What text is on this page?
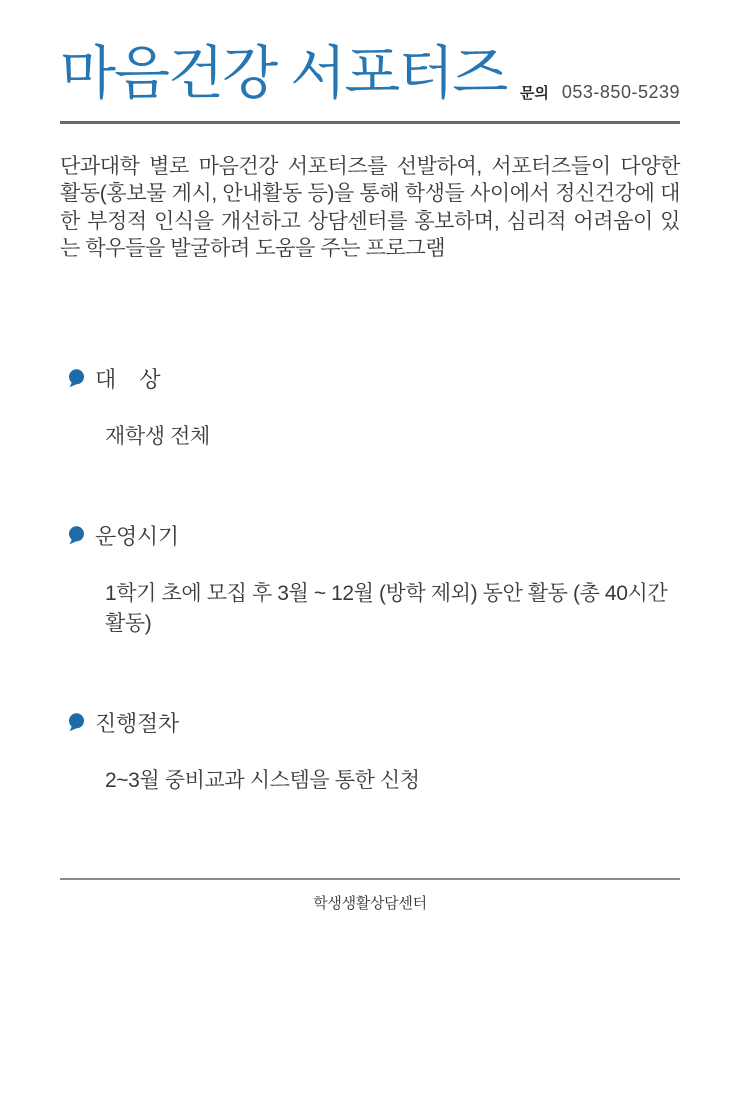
마음건강 서포터즈 문의 053-850-5239

단과대학 별로 마음건강 서포터즈를 선발하여, 서포터즈들이 다양한 활동(홍보물 게시, 안내활동 등)을 통해 학생들 사이에서 정신건강에 대한 부정적 인식을 개선하고 상담센터를 홍보하며, 심리적 어려움이 있는 학우들을 발굴하려 도움을 주는 프로그램

대    상
재학생 전체
운영시기
1학기 초에 모집 후 3월 ~ 12월 (방학 제외) 동안 활동 (총 40시간 활동)
진행절차
2~3월 중비교과 시스템을 통한 신청
학생생활상담센터
